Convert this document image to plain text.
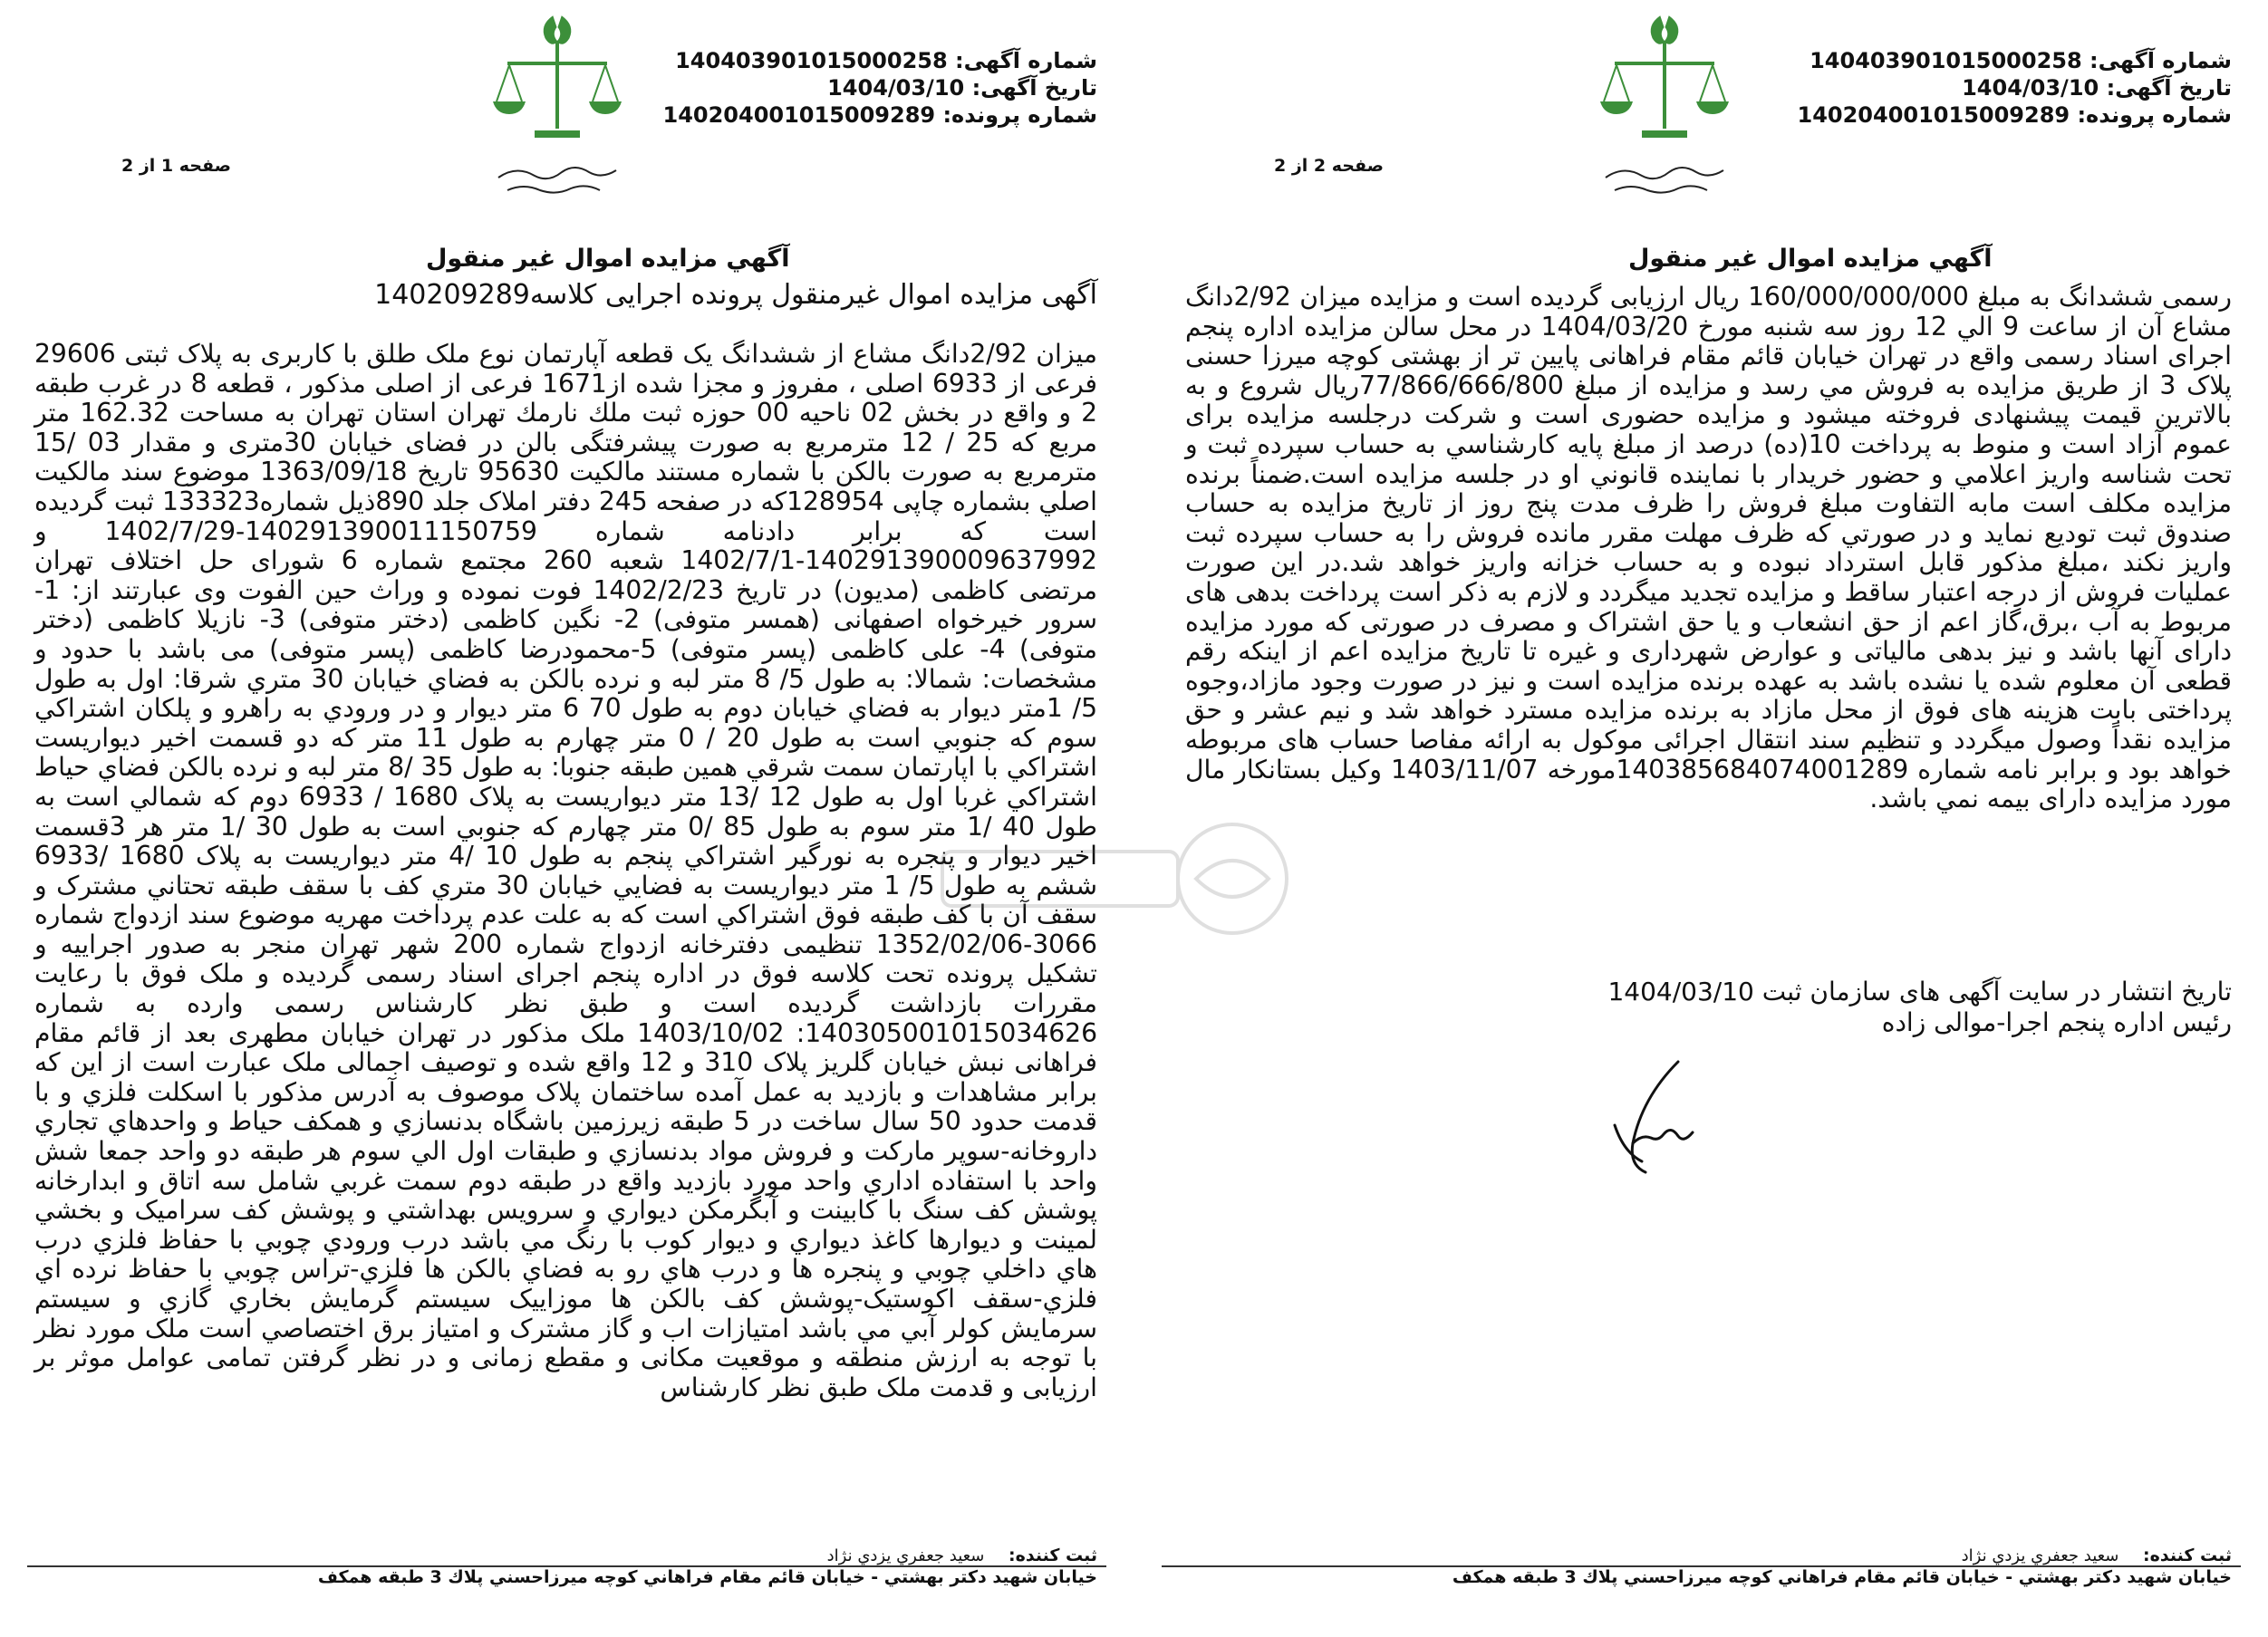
شماره آگهی: 140403901015000258
تاریخ آگهی: 1404/03/10
شماره پرونده: 140204001015009289
صفحه 2 از 2
آگهي مزايده اموال غير منقول
رسمی ششدانگ به مبلغ 160/000/000/000 ريال ارزيابی گرديده است و مزايده ميزان 2/92دانگ مشاع آن از ساعت 9 الي 12 روز سه شنبه مورخ 1404/03/20 در محل سالن مزايده اداره پنجم اجرای اسناد رسمی واقع در تهران خيابان قائم مقام فراهانی پايين تر از بهشتی کوچه ميرزا حسنی پلاک 3 از طريق مزايده به فروش مي رسد و مزايده از مبلغ 77/866/666/800ريال شروع و به بالاترين قيمت پيشنهادی فروخته ميشود و مزايده حضوری است و شرکت درجلسه مزايده برای عموم آزاد است و منوط به پرداخت 10(ده) درصد از مبلغ پايه کارشناسي به حساب سپرده ثبت و تحت شناسه واريز اعلامي و حضور خريدار با نماينده قانوني او در جلسه مزايده است.ضمناً برنده مزايده مکلف است مابه التفاوت مبلغ فروش را ظرف مدت پنج روز از تاريخ مزايده به حساب صندوق ثبت توديع نمايد و در صورتي که ظرف مهلت مقرر مانده فروش را به حساب سپرده ثبت واريز نکند ،مبلغ مذکور قابل استرداد نبوده و به حساب خزانه واريز خواهد شد.در اين صورت عمليات فروش از درجه اعتبار ساقط و مزايده تجديد ميگردد و لازم به ذکر است پرداخت بدهی های مربوط به آب ،برق،گاز اعم از حق انشعاب و يا حق اشتراک و مصرف در صورتی که مورد مزايده دارای آنها باشد و نيز بدهی مالياتی و عوارض شهرداری و غيره تا تاريخ مزايده اعم از اينکه رقم قطعی آن معلوم شده يا نشده باشد به عهده برنده مزايده است و نيز در صورت وجود مازاد،وجوه پرداختی بابت هزينه های فوق از محل مازاد به برنده مزايده مسترد خواهد شد و نيم عشر و حق مزايده نقداً وصول ميگردد و تنظيم سند انتقال اجرائی موکول به ارائه مفاصا حساب های مربوطه خواهد بود و برابر نامه شماره 140385684074001289مورخه 1403/11/07 وکيل بستانکار مال مورد مزايده دارای بيمه نمي باشد.
تاريخ انتشار در سايت آگهی های سازمان ثبت 1404/03/10
رئيس اداره پنجم اجرا-موالی زاده
ثبت كننده: سعيد جعفري يزدي نژاد
خيابان شهيد دكتر بهشتي - خيابان قائم مقام فراهاني كوچه ميرزاحسني پلاك 3 طبقه همكف
شماره آگهی: 140403901015000258
تاریخ آگهی: 1404/03/10
شماره پرونده: 140204001015009289
صفحه 1 از 2
آگهي مزايده اموال غير منقول
آگهی مزايده اموال غيرمنقول پرونده اجرايی کلاسه140209289
ميزان 2/92دانگ مشاع از ششدانگ يک قطعه آپارتمان نوع ملک طلق با کاربری به پلاک ثبتی 29606 فرعی از 6933 اصلی ، مفروز و مجزا شده از1671 فرعی از اصلی مذکور ، قطعه 8 در غرب طبقه 2 و واقع در بخش 02 ناحيه 00 حوزه ثبت ملك نارمك تهران استان تهران به مساحت 162.32 متر مربع كه 25 / 12 مترمربع به صورت پيشرفتگی بالن در فضای خيابان 30متری و مقدار 03 /15 مترمربع به صورت بالكن با شماره مستند مالكيت 95630 تاريخ 1363/09/18 موضوع سند مالكيت اصلي بشماره چاپی 128954که در صفحه 245 دفتر املاک جلد 890ذيل شماره133323 ثبت گرديده است که برابر دادنامه شماره 140291390011150759-1402/7/29 و 140291390009637992-1402/7/1 شعبه 260 مجتمع شماره 6 شورای حل اختلاف تهران مرتضی کاظمی (مديون) در تاريخ 1402/2/23 فوت نموده و وراث حين الفوت وی عبارتند از: 1- سرور خيرخواه اصفهانی (همسر متوفی) 2- نگين کاظمی (دختر متوفی) 3- نازيلا کاظمی (دختر متوفی) 4- علی کاظمی (پسر متوفی) 5-محمودرضا کاظمی (پسر متوفی) می باشد با حدود و مشخصات: شمالا: به طول 5/ 8 متر لبه و نرده بالکن به فضاي خيابان 30 متري شرقا: اول به طول 5/ 1متر ديوار به فضاي خيابان دوم به طول 70 6 متر ديوار و در ورودي به راهرو و پلکان اشتراکي سوم که جنوبي است به طول 20 / 0 متر چهارم به طول 11 متر که دو قسمت اخير ديواريست اشتراکي با اپارتمان سمت شرقي همين طبقه جنوبا: به طول 35 /8 متر لبه و نرده بالکن فضاي حياط اشتراکي غربا اول به طول 12 /13 متر ديواريست به پلاک 1680 / 6933 دوم که شمالي است به طول 40 /1 متر سوم به طول 85 /0 متر چهارم که جنوبي است به طول 30 /1 متر هر 3قسمت اخير ديوار و پنجره به نورگير اشتراکي پنجم به طول 10 /4 متر ديواريست به پلاک 1680 /6933 ششم به طول 5/ 1 متر ديواريست به فضايي خيابان 30 متري کف با سقف طبقه تحتاني مشترک و سقف آن با کف طبقه فوق اشتراکي است که به علت عدم پرداخت مهريه موضوع سند ازدواج شماره 3066-1352/02/06 تنظيمی دفترخانه ازدواج شماره 200 شهر تهران منجر به صدور اجراييه و تشکيل پرونده تحت کلاسه فوق در اداره پنجم اجرای اسناد رسمی گرديده و ملک فوق با رعايت مقررات بازداشت گرديده است و طبق نظر کارشناس رسمی وارده به شماره 140305001015034626: 1403/10/02 ملک مذکور در تهران خيابان مطهری بعد از قائم مقام فراهانی نبش خيابان گلريز پلاک 310 و 12 واقع شده و توصيف اجمالی ملک عبارت است از اين که برابر مشاهدات و بازديد به عمل آمده ساختمان پلاک موصوف به آدرس مذکور با اسکلت فلزي و با قدمت حدود 50 سال ساخت در 5 طبقه زيرزمين باشگاه بدنسازي و همکف حياط و واحدهاي تجاري داروخانه-سوپر مارکت و فروش مواد بدنسازي و طبقات اول الي سوم هر طبقه دو واحد جمعا شش واحد با استفاده اداري واحد مورد بازديد واقع در طبقه دوم سمت غربي شامل سه اتاق و ابدارخانه پوشش کف سنگ با کابينت و آبگرمکن ديواري و سرويس بهداشتي و پوشش کف سراميک و بخشي لمينت و ديوارها کاغذ ديواري و ديوار کوب با رنگ مي باشد درب ورودي چوبي با حفاظ فلزي درب هاي داخلي چوبي و پنجره ها و درب هاي رو به فضاي بالکن ها فلزي-تراس چوبي با حفاظ نرده اي فلزي-سقف اکوستيک-پوشش کف بالکن ها موزاييک سيستم گرمايش بخاري گازي و سيستم سرمايش کولر آبي مي باشد امتيازات اب و گاز مشترک و امتياز برق اختصاصي است ملک مورد نظر با توجه به ارزش منطقه و موقعيت مکانی و مقطع زمانی و در نظر گرفتن تمامی عوامل موثر بر ارزيابی و قدمت ملک طبق نظر کارشناس
ثبت كننده: سعيد جعفري يزدي نژاد
خيابان شهيد دكتر بهشتي - خيابان قائم مقام فراهاني كوچه ميرزاحسني پلاك 3 طبقه همكف
